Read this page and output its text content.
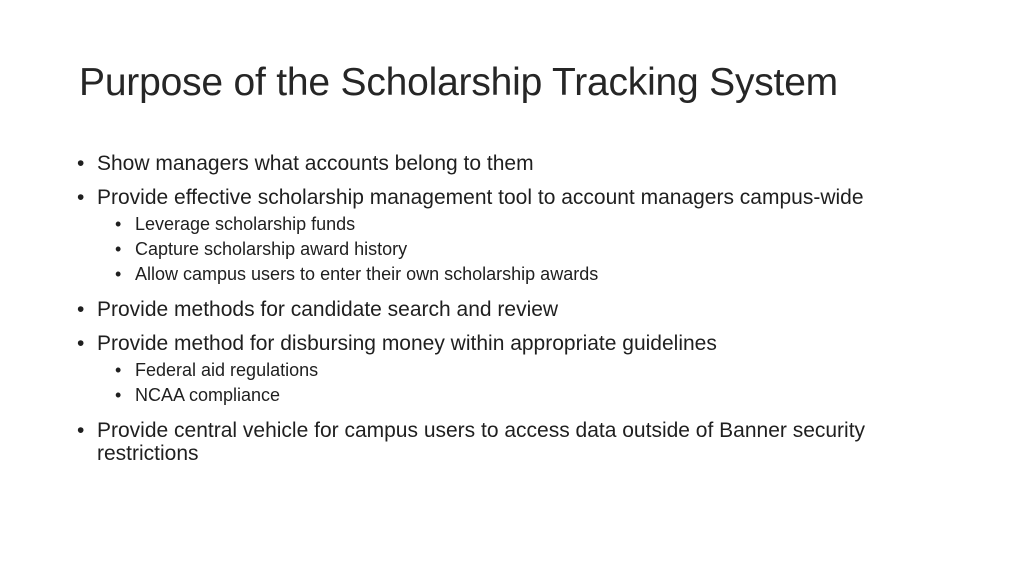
Purpose of the Scholarship Tracking System
• Show managers what accounts belong to them
• Provide effective scholarship management tool to account managers campus-wide
• Leverage scholarship funds
• Capture scholarship award history
• Allow campus users to enter their own scholarship awards
• Provide methods for candidate search and review
• Provide method for disbursing money within appropriate guidelines
• Federal aid regulations
• NCAA compliance
• Provide central vehicle for campus users to access data outside of Banner security restrictions
